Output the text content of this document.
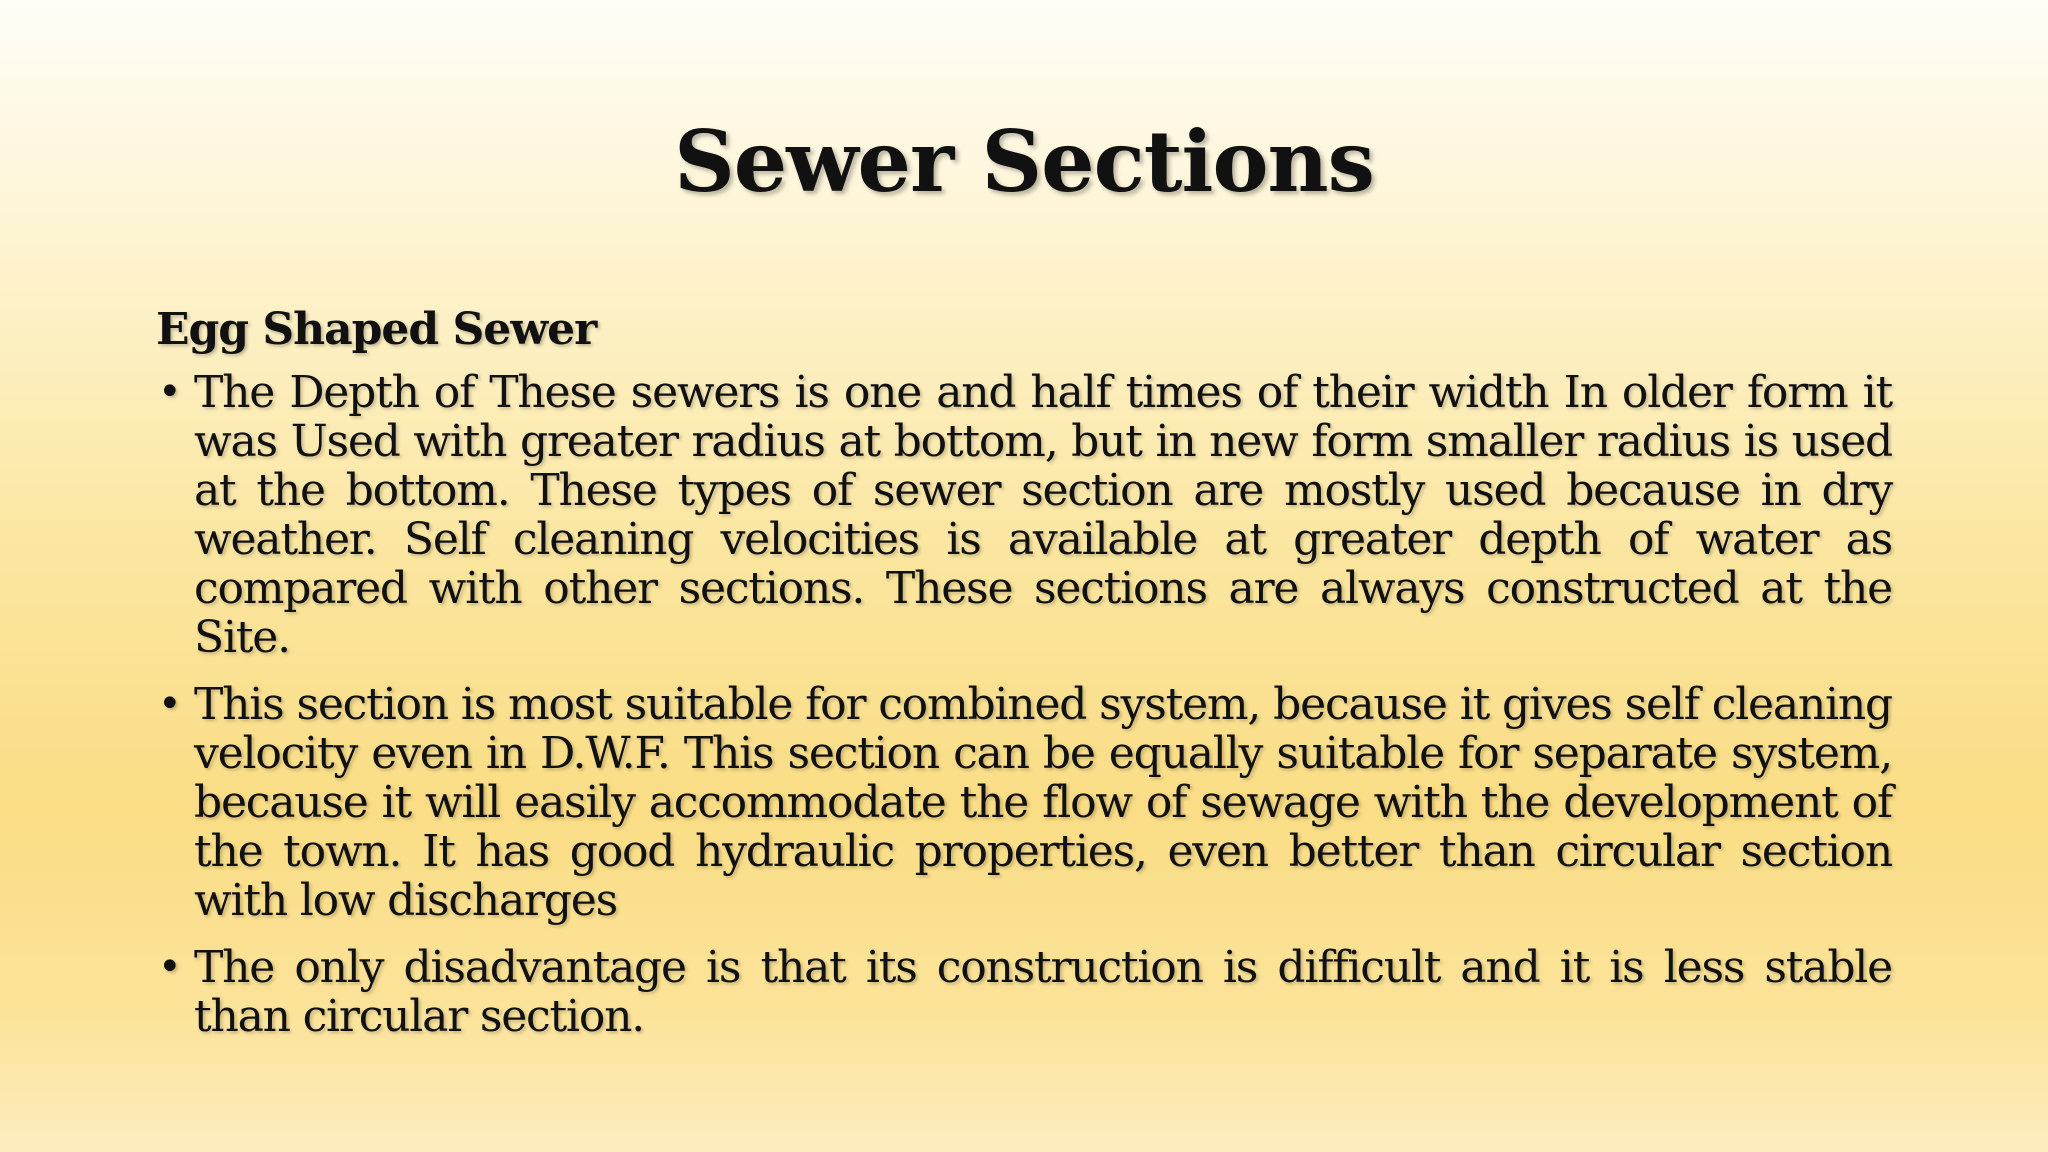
Sewer Sections
Egg Shaped Sewer
• The Depth of These sewers is one and half times of their width In older form it was Used with greater radius at bottom, but in new form smaller radius is used at the bottom. These types of sewer section are mostly used because in dry weather. Self cleaning velocities is available at greater depth of water as compared with other sections. These sections are always constructed at the Site.
• This section is most suitable for combined system, because it gives self cleaning velocity even in D.W.F. This section can be equally suitable for separate system, because it will easily accommodate the flow of sewage with the development of the town. It has good hydraulic properties, even better than circular section with low discharges
• The only disadvantage is that its construction is difficult and it is less stable than circular section.
